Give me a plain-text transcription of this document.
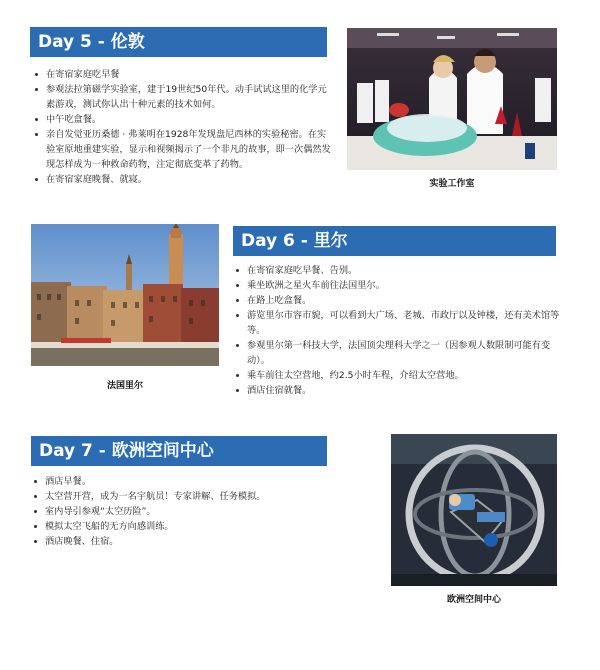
Day 5 - 伦敦
在寄宿家庭吃早餐
参观法拉第磁学实验室，建于19世纪50年代。动手试试这里的化学元素游戏，测试你认出十种元素的技术如何。
中午吃盒餐。
亲自发觉亚历桑德 · 弗莱明在1928年发现盘尼西林的实验秘密。在实验室原地重建实验，显示和视频揭示了一个非凡的故事，即一次偶然发现怎样成为一种救命药物，注定彻底变革了药物。
在寄宿家庭晚餐、就寝。	实验工作室
法国里尔
Day 6 - 里尔
在寄宿家庭吃早餐、告别。
乘坐欧洲之星火车前往法国里尔。
在路上吃盒餐。
游览里尔市容市貌，可以看到大广场、老城、市政厅以及钟楼，还有美术馆等等。
参观里尔第一科技大学，法国顶尖理科大学之一（因参观人数限制可能有变动）。
乘车前往太空营地，约2.5小时车程，介绍太空营地。
酒店住宿就餐。
Day 7 - 欧洲空间中心
酒店早餐。
太空营开营，成为一名宇航员！专家讲解、任务模拟。
室内导引参观“太空历险”。
模拟太空飞船的无方向感训练。
酒店晚餐、住宿。
欧洲空间中心
